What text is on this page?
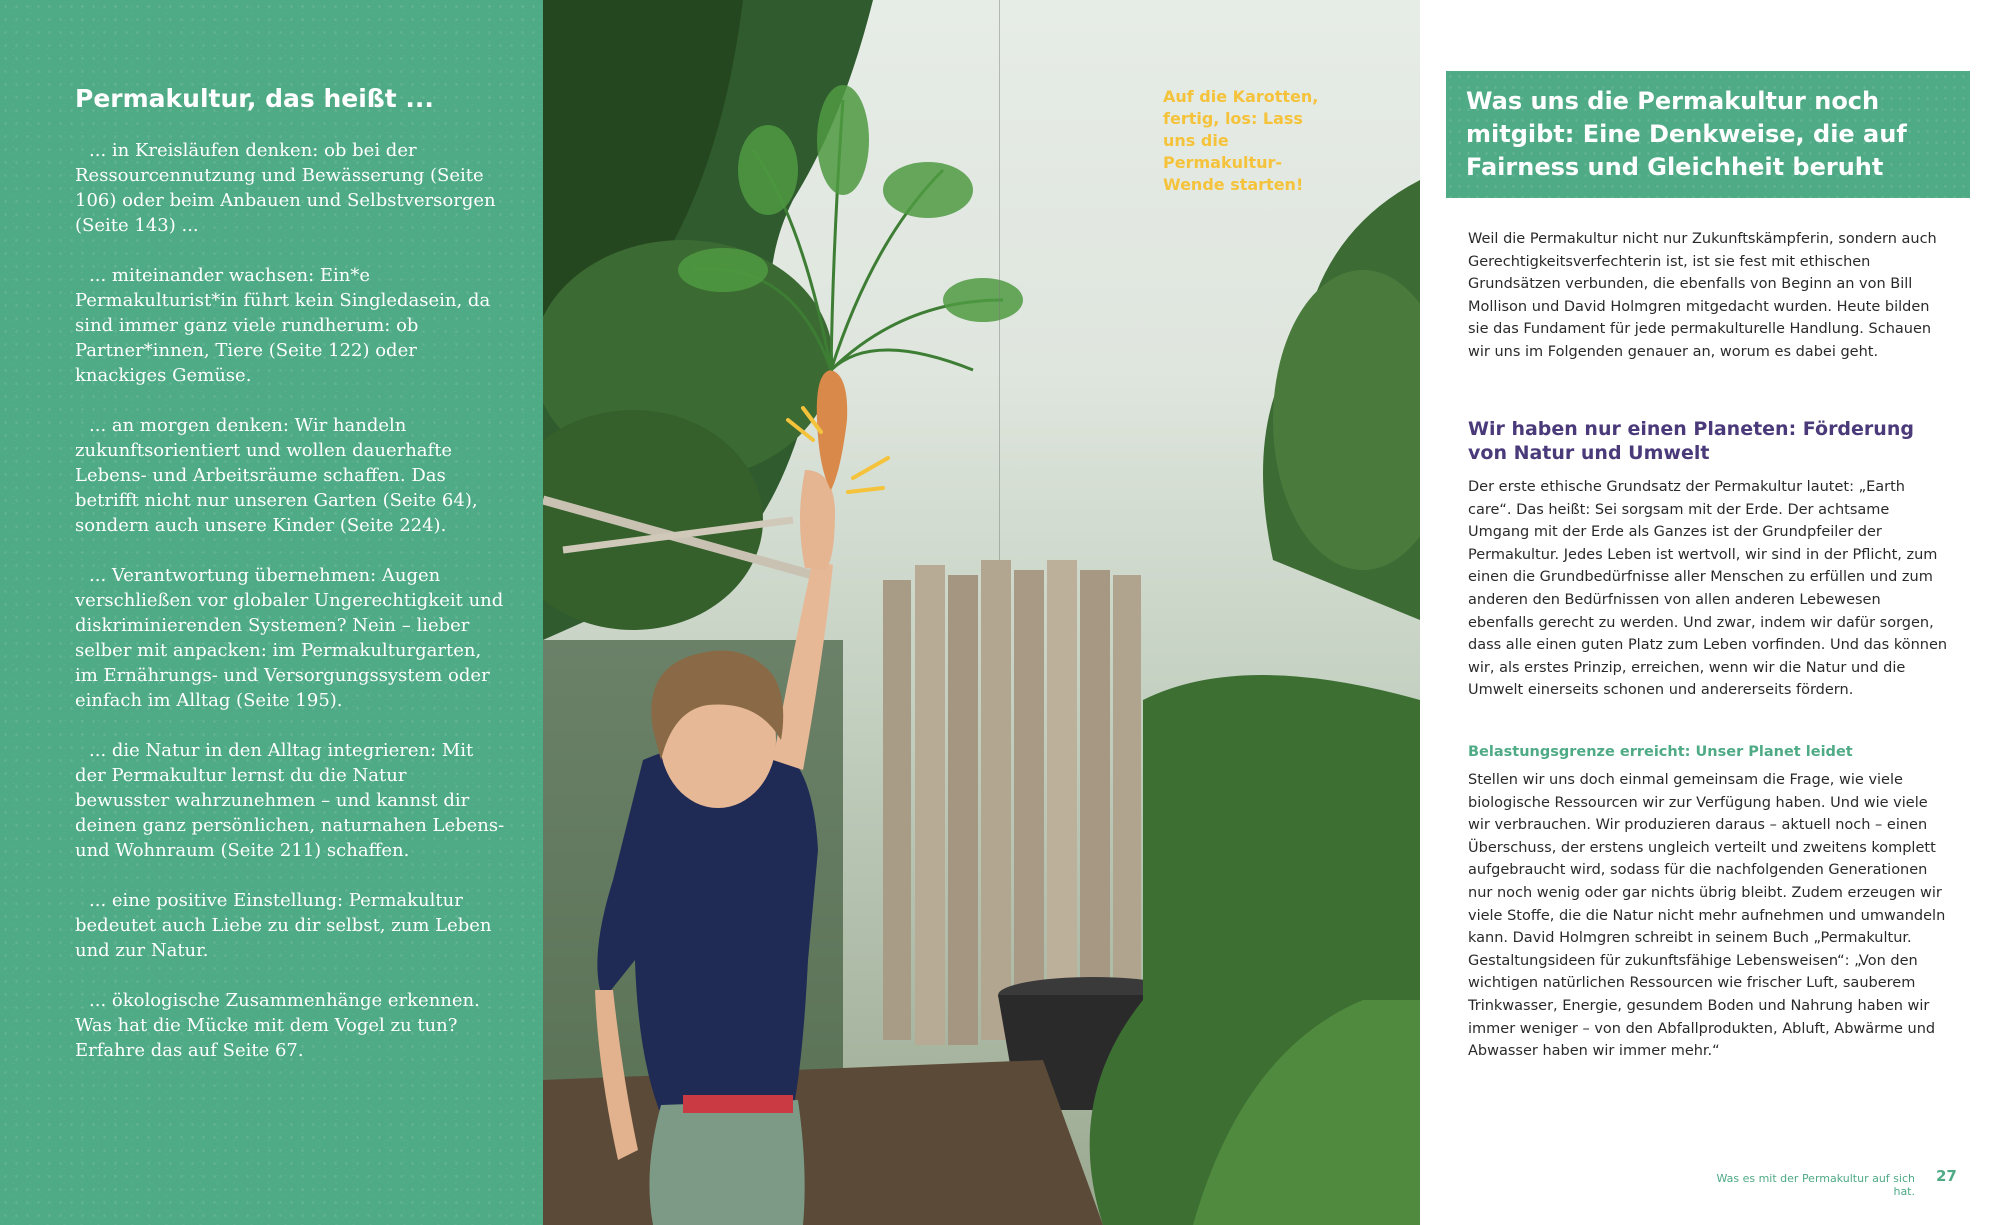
Permakultur, das heißt ...

... in Kreisläufen denken: ob bei der Ressourcennutzung und Bewässerung (Seite 106) oder beim Anbauen und Selbstversorgen (Seite 143) ...

... miteinander wachsen: Ein*e Permakulturist*in führt kein Singledasein, da sind immer ganz viele rundherum: ob Partner*innen, Tiere (Seite 122) oder knackiges Gemüse.

... an morgen denken: Wir handeln zukunftsorientiert und wollen dauerhafte Lebens- und Arbeitsräume schaffen. Das betrifft nicht nur unseren Garten (Seite 64), sondern auch unsere Kinder (Seite 224).

... Verantwortung übernehmen: Augen verschließen vor globaler Ungerechtigkeit und diskriminierenden Systemen? Nein – lieber selber mit anpacken: im Permakulturgarten, im Ernährungs- und Versorgungssystem oder einfach im Alltag (Seite 195).

... die Natur in den Alltag integrieren: Mit der Permakultur lernst du die Natur bewusster wahrzunehmen – und kannst dir deinen ganz persönlichen, naturnahen Lebens- und Wohnraum (Seite 211) schaffen.

... eine positive Einstellung: Permakultur bedeutet auch Liebe zu dir selbst, zum Leben und zur Natur.

... ökologische Zusammenhänge erkennen. Was hat die Mücke mit dem Vogel zu tun? Erfahre das auf Seite 67.

Auf die Karotten, fertig, los: Lass uns die Permakultur-Wende starten!

Was uns die Permakultur noch mitgibt: Eine Denkweise, die auf Fairness und Gleichheit beruht

Weil die Permakultur nicht nur Zukunftskämpferin, sondern auch Gerechtigkeitsverfechterin ist, ist sie fest mit ethischen Grundsätzen verbunden, die ebenfalls von Beginn an von Bill Mollison und David Holmgren mitgedacht wurden. Heute bilden sie das Fundament für jede permakulturelle Handlung. Schauen wir uns im Folgenden genauer an, worum es dabei geht.

Wir haben nur einen Planeten: Förderung von Natur und Umwelt

Der erste ethische Grundsatz der Permakultur lautet: „Earth care“. Das heißt: Sei sorgsam mit der Erde. Der achtsame Umgang mit der Erde als Ganzes ist der Grundpfeiler der Permakultur. Jedes Leben ist wertvoll, wir sind in der Pflicht, zum einen die Grundbedürfnisse aller Menschen zu erfüllen und zum anderen den Bedürfnissen von allen anderen Lebewesen ebenfalls gerecht zu werden. Und zwar, indem wir dafür sorgen, dass alle einen guten Platz zum Leben vorfinden. Und das können wir, als erstes Prinzip, erreichen, wenn wir die Natur und die Umwelt einerseits schonen und andererseits fördern.

Belastungsgrenze erreicht: Unser Planet leidet

Stellen wir uns doch einmal gemeinsam die Frage, wie viele biologische Ressourcen wir zur Verfügung haben. Und wie viele wir verbrauchen. Wir produzieren daraus – aktuell noch – einen Überschuss, der erstens ungleich verteilt und zweitens komplett aufgebraucht wird, sodass für die nachfolgenden Generationen nur noch wenig oder gar nichts übrig bleibt. Zudem erzeugen wir viele Stoffe, die die Natur nicht mehr aufnehmen und umwandeln kann. David Holmgren schreibt in seinem Buch „Permakultur. Gestaltungsideen für zukunftsfähige Lebensweisen“: „Von den wichtigen natürlichen Ressourcen wie frischer Luft, sauberem Trinkwasser, Energie, gesundem Boden und Nahrung haben wir immer weniger – von den Abfallprodukten, Abluft, Abwärme und Abwasser haben wir immer mehr.“

Was es mit der Permakultur auf sich hat.

27
